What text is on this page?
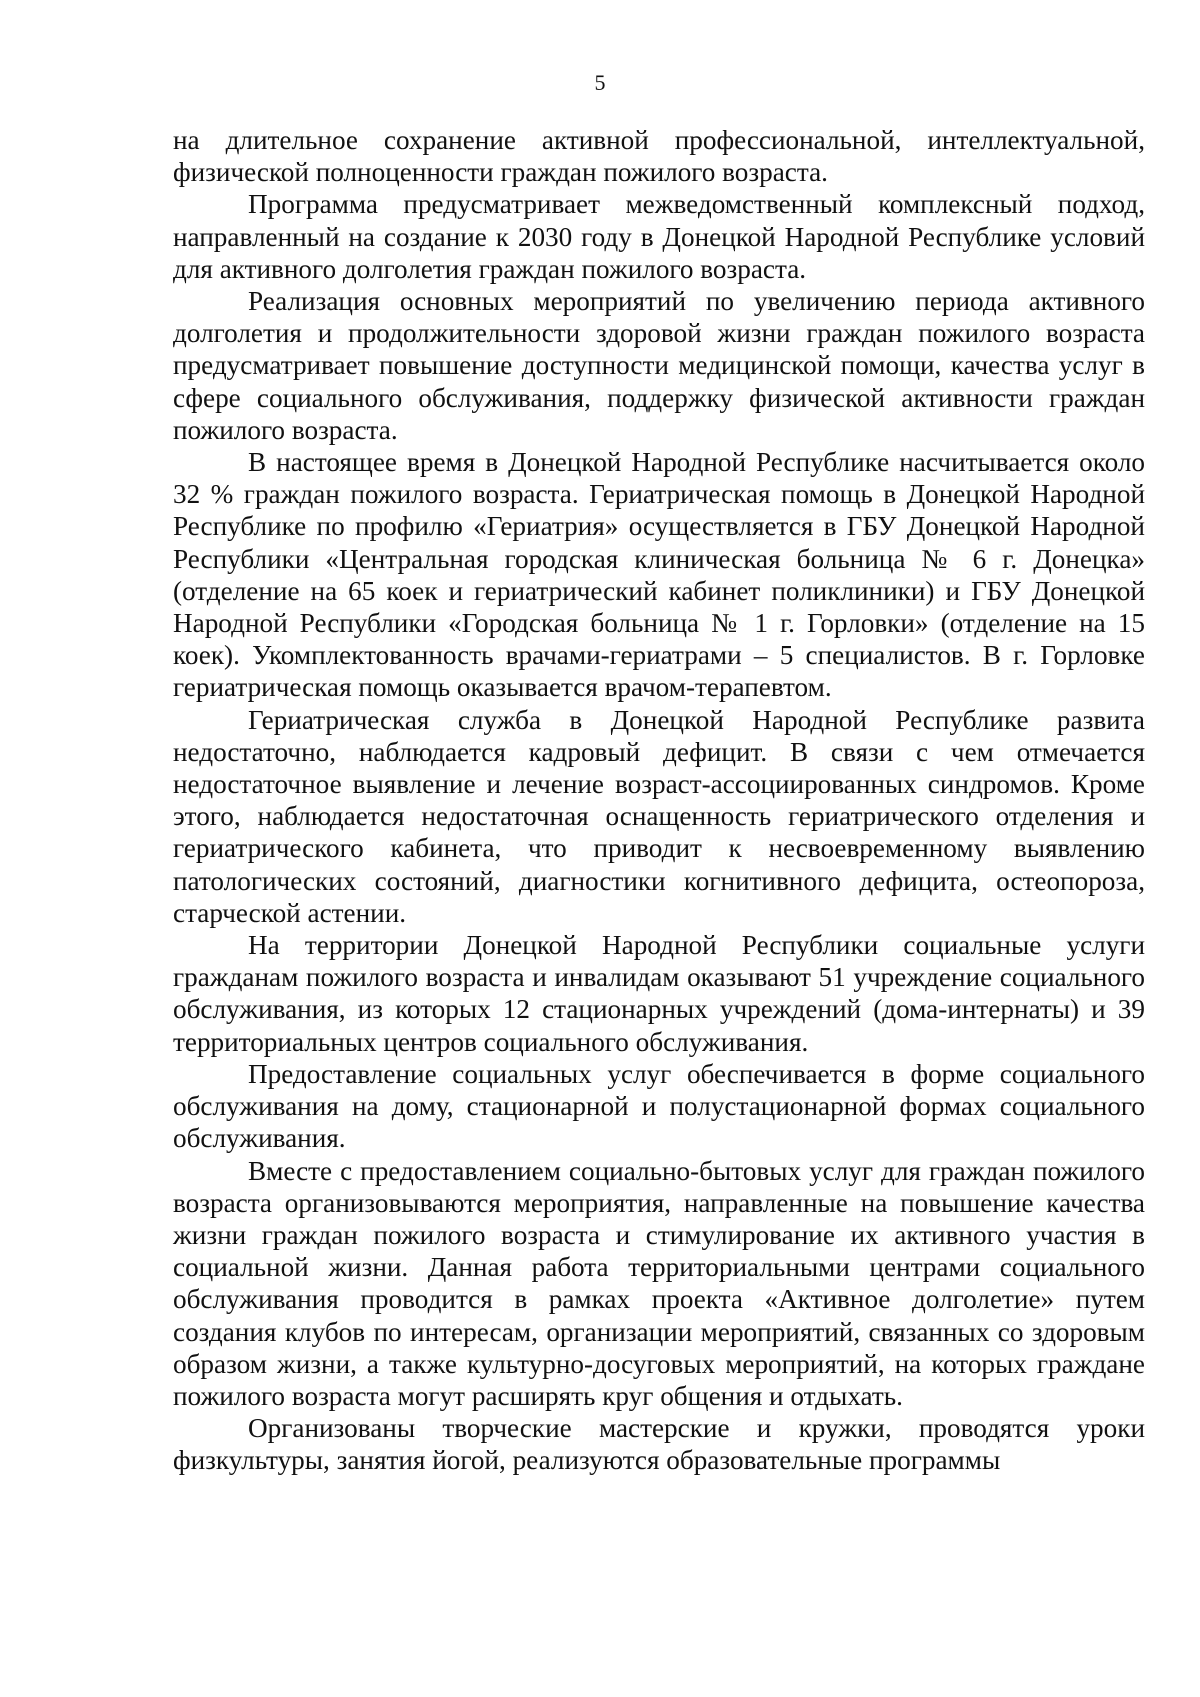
5

на длительное сохранение активной профессиональной, интеллектуальной, физической полноценности граждан пожилого возраста.

Программа предусматривает межведомственный комплексный подход, направленный на создание к 2030 году в Донецкой Народной Республике условий для активного долголетия граждан пожилого возраста.

Реализация основных мероприятий по увеличению периода активного долголетия и продолжительности здоровой жизни граждан пожилого возраста предусматривает повышение доступности медицинской помощи, качества услуг в сфере социального обслуживания, поддержку физической активности граждан пожилого возраста.

В настоящее время в Донецкой Народной Республике насчитывается около 32 % граждан пожилого возраста. Гериатрическая помощь в Донецкой Народной Республике по профилю «Гериатрия» осуществляется в ГБУ Донецкой Народной Республики «Центральная городская клиническая больница № 6 г. Донецка» (отделение на 65 коек и гериатрический кабинет поликлиники) и ГБУ Донецкой Народной Республики «Городская больница № 1 г. Горловки» (отделение на 15 коек). Укомплектованность врачами-гериатрами – 5 специалистов. В г. Горловке гериатрическая помощь оказывается врачом-терапевтом.

Гериатрическая служба в Донецкой Народной Республике развита недостаточно, наблюдается кадровый дефицит. В связи с чем отмечается недостаточное выявление и лечение возраст-ассоциированных синдромов. Кроме этого, наблюдается недостаточная оснащенность гериатрического отделения и гериатрического кабинета, что приводит к несвоевременному выявлению патологических состояний, диагностики когнитивного дефицита, остеопороза, старческой астении.

На территории Донецкой Народной Республики социальные услуги гражданам пожилого возраста и инвалидам оказывают 51 учреждение социального обслуживания, из которых 12 стационарных учреждений (дома-интернаты) и 39 территориальных центров социального обслуживания.

Предоставление социальных услуг обеспечивается в форме социального обслуживания на дому, стационарной и полустационарной формах социального обслуживания.

Вместе с предоставлением социально-бытовых услуг для граждан пожилого возраста организовываются мероприятия, направленные на повышение качества жизни граждан пожилого возраста и стимулирование их активного участия в социальной жизни. Данная работа территориальными центрами социального обслуживания проводится в рамках проекта «Активное долголетие» путем создания клубов по интересам, организации мероприятий, связанных со здоровым образом жизни, а также культурно-досуговых мероприятий, на которых граждане пожилого возраста могут расширять круг общения и отдыхать.

Организованы творческие мастерские и кружки, проводятся уроки физкультуры, занятия йогой, реализуются образовательные программы
